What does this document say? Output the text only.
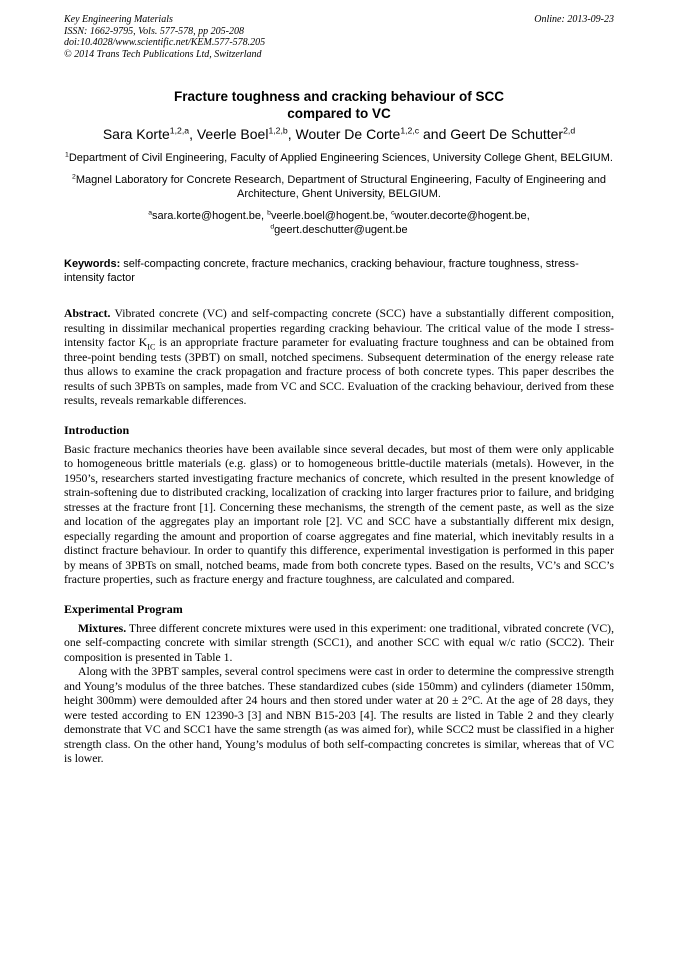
Key Engineering Materials
ISSN: 1662-9795, Vols. 577-578, pp 205-208
doi:10.4028/www.scientific.net/KEM.577-578.205
© 2014 Trans Tech Publications Ltd, Switzerland
Online: 2013-09-23
Fracture toughness and cracking behaviour of SCC
compared to VC
Sara Korte$^{1,2,a}$, Veerle Boel$^{1,2,b}$, Wouter De Corte$^{1,2,c}$ and Geert De Schutter$^{2,d}$
$^1$Department of Civil Engineering, Faculty of Applied Engineering Sciences, University College Ghent, BELGIUM.
$^2$Magnel Laboratory for Concrete Research, Department of Structural Engineering, Faculty of Engineering and Architecture, Ghent University, BELGIUM.
$^a$sara.korte@hogent.be, $^b$veerle.boel@hogent.be, $^c$wouter.decorte@hogent.be,
$^d$geert.deschutter@ugent.be
Keywords: self-compacting concrete, fracture mechanics, cracking behaviour, fracture toughness, stress-intensity factor
Abstract. Vibrated concrete (VC) and self-compacting concrete (SCC) have a substantially different composition, resulting in dissimilar mechanical properties regarding cracking behaviour. The critical value of the mode I stress-intensity factor $K_{IC}$ is an appropriate fracture parameter for evaluating fracture toughness and can be obtained from three-point bending tests (3PBT) on small, notched specimens. Subsequent determination of the energy release rate thus allows to examine the crack propagation and fracture process of both concrete types. This paper describes the results of such 3PBTs on samples, made from VC and SCC. Evaluation of the cracking behaviour, derived from these results, reveals remarkable differences.
Introduction
Basic fracture mechanics theories have been available since several decades, but most of them were only applicable to homogeneous brittle materials (e.g. glass) or to homogeneous brittle-ductile materials (metals). However, in the 1950’s, researchers started investigating fracture mechanics of concrete, which resulted in the present knowledge of strain-softening due to distributed cracking, localization of cracking into larger fractures prior to failure, and bridging stresses at the fracture front [1]. Concerning these mechanisms, the strength of the cement paste, as well as the size and location of the aggregates play an important role [2]. VC and SCC have a substantially different mix design, especially regarding the amount and proportion of coarse aggregates and fine material, which inevitably results in a distinct fracture behaviour. In order to quantify this difference, experimental investigation is performed in this paper by means of 3PBTs on small, notched beams, made from both concrete types. Based on the results, VC’s and SCC’s fracture properties, such as fracture energy and fracture toughness, are calculated and compared.
Experimental Program
Mixtures. Three different concrete mixtures were used in this experiment: one traditional, vibrated concrete (VC), one self-compacting concrete with similar strength (SCC1), and another SCC with equal w/c ratio (SCC2). Their composition is presented in Table 1.
Along with the 3PBT samples, several control specimens were cast in order to determine the compressive strength and Young’s modulus of the three batches. These standardized cubes (side 150mm) and cylinders (diameter 150mm, height 300mm) were demoulded after 24 hours and then stored under water at 20 ± 2°C. At the age of 28 days, they were tested according to EN 12390-3 [3] and NBN B15-203 [4]. The results are listed in Table 2 and they clearly demonstrate that VC and SCC1 have the same strength (as was aimed for), while SCC2 must be classified in a higher strength class. On the other hand, Young’s modulus of both self-compacting concretes is similar, whereas that of VC is lower.
